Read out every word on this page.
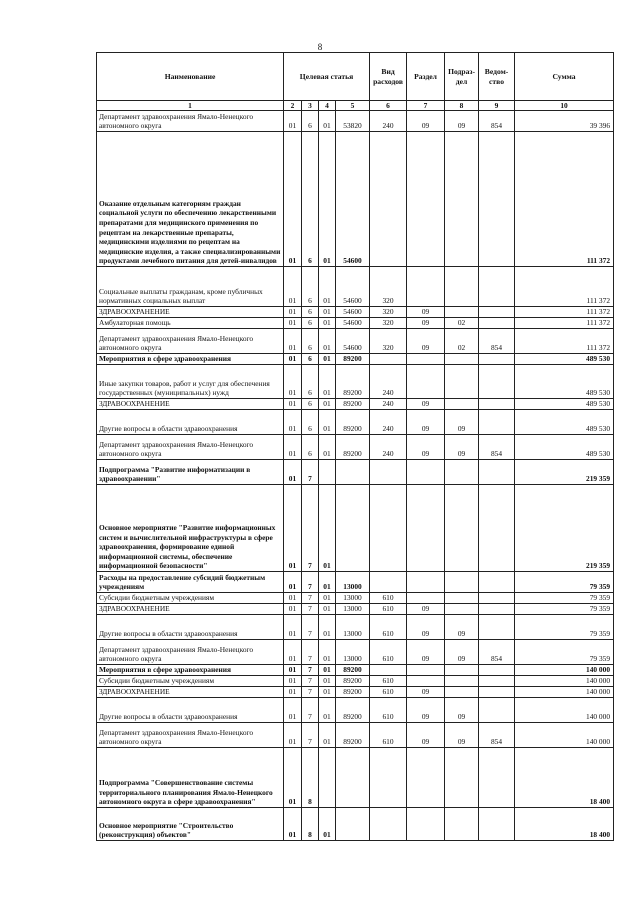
8
Наименование	Целевая статья				Вид расходов	Раздел	Подраз-дел	Ведом-ство	Сумма
1	2	3	4	5	6	7	8	9	10
Департамент здравоохранения Ямало-Ненецкого автономного округа	01	6	01	53820	240	09	09	854	39 396
Оказание отдельным категориям граждан социальной услуги по обеспечению лекарственными препаратами для медицинского применения по рецептам на лекарственные препараты, медицинскими изделиями по рецептам на медицинские изделия, а также специализированными продуктами лечебного питания для детей-инвалидов	01	6	01	54600					111 372
Социальные выплаты гражданам, кроме публичных нормативных социальных выплат	01	6	01	54600	320				111 372
ЗДРАВООХРАНЕНИЕ	01	6	01	54600	320	09			111 372
Амбулаторная помощь	01	6	01	54600	320	09	02		111 372
Департамент здравоохранения Ямало-Ненецкого автономного округа	01	6	01	54600	320	09	02	854	111 372
Мероприятия в сфере здравоохранения	01	6	01	89200					489 530
Иные закупки товаров, работ и услуг для обеспечения государственных (муниципальных) нужд	01	6	01	89200	240				489 530
ЗДРАВООХРАНЕНИЕ	01	6	01	89200	240	09			489 530
Другие вопросы в области здравоохранения	01	6	01	89200	240	09	09		489 530
Департамент здравоохранения Ямало-Ненецкого автономного округа	01	6	01	89200	240	09	09	854	489 530
Подпрограмма "Развитие информатизации в здравоохранении"	01	7							219 359
Основное мероприятие "Развитие информационных систем и вычислительной инфраструктуры в сфере здравоохранения, формирование единой информационной системы, обеспечение информационной безопасности"	01	7	01						219 359
Расходы на предоставление субсидий бюджетным учреждениям	01	7	01	13000					79 359
Субсидии бюджетным учреждениям	01	7	01	13000	610				79 359
ЗДРАВООХРАНЕНИЕ	01	7	01	13000	610	09			79 359
Другие вопросы в области здравоохранения	01	7	01	13000	610	09	09		79 359
Департамент здравоохранения Ямало-Ненецкого автономного округа	01	7	01	13000	610	09	09	854	79 359
Мероприятия в сфере здравоохранения	01	7	01	89200					140 000
Субсидии бюджетным учреждениям	01	7	01	89200	610				140 000
ЗДРАВООХРАНЕНИЕ	01	7	01	89200	610	09			140 000
Другие вопросы в области здравоохранения	01	7	01	89200	610	09	09		140 000
Департамент здравоохранения Ямало-Ненецкого автономного округа	01	7	01	89200	610	09	09	854	140 000
Подпрограмма "Совершенствование системы территориального планирования Ямало-Ненецкого автономного округа в сфере здравоохранения"	01	8							18 400
Основное мероприятие "Строительство (реконструкция) объектов"	01	8	01						18 400
